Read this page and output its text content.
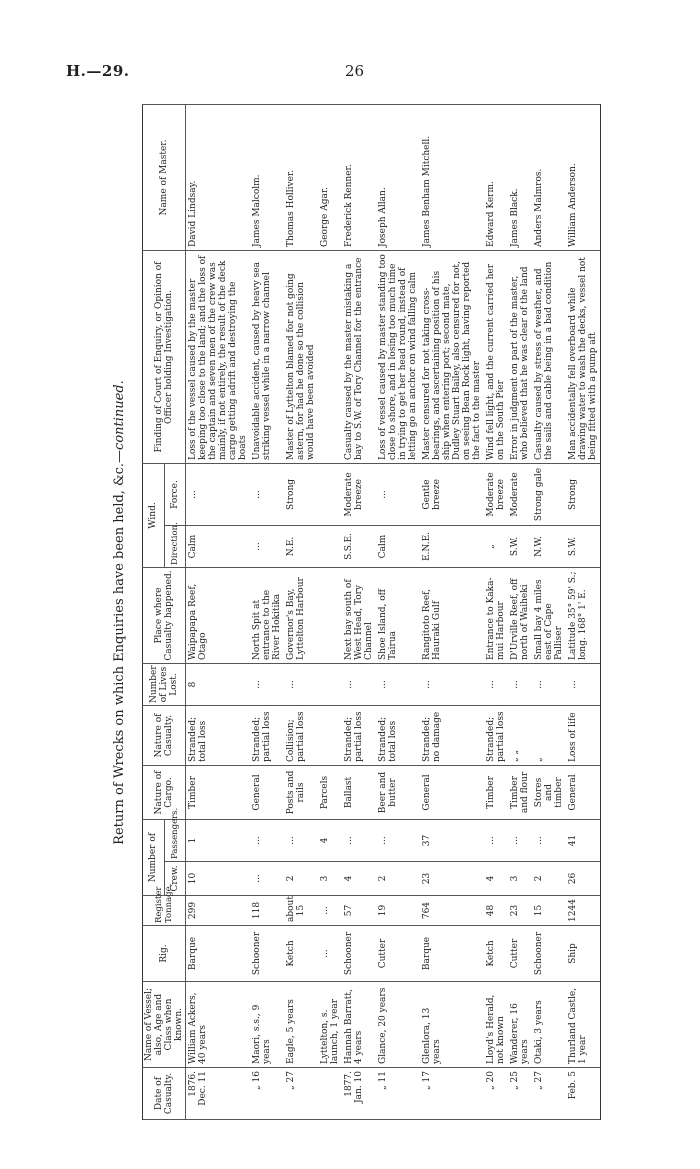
H.—29.	26
Return of Wrecks on which Enquiries have been held, &c.—continued.
Date of Casualty.	Name of Vessel; also, Age and Class when known.	Rig.	Register Tonnage.	Number of		Nature of Cargo.	Nature of Casualty.	Number of Lives Lost.	Place where Casualty happened.	Wind.		Finding of Court of Enquiry, or Opinion of Officer holding Investigation.	Name of Master.
				Crew.	Passengers.					Direction.	Force.		
1876. Dec. 11	William Ackers, 40 years	Barque	299	10	1	Timber	Stranded; total loss	8	Waipapapa Reef, Otago	Calm	...	Loss of the vessel caused by the master keeping too close to the land; and the loss of the captain and seven men of the crew was mainly, if not entirely, the result of the deck cargo getting adrift and destroying the boats	David Lindsay.
„ 16	Maori, s.s., 9 years	Schooner	118	...	...	General	Stranded; partial loss	...	North Spit at entrance to the River Hokitika	...	...	Unavoidable accident, caused by heavy sea striking vessel while in a narrow channel	James Malcolm.
„ 27	Eagle, 5 years	Ketch	about 15	2	...	Posts and rails	Collision; partial loss	...	Governor's Bay, Lyttelton Harbour	N.E.	Strong	Master of Lyttelton blamed for not going astern, for had he done so the collision would have been avoided	Thomas Holliver.
	Lyttelton, s. launch, 1 year	...	...	3	4	Parcels							George Agar.
1877. Jan. 10	Hannah Barratt, 4 years	Schooner	57	4	...	Ballast	Stranded; partial loss	...	Next bay south of West Head, Tory Channel	S.S.E.	Moderate breeze	Casualty caused by the master mistaking a bay to S.W. of Tory Channel for the entrance	Frederick Renner.
„ 11	Glance, 20 years	Cutter	19	2	...	Beer and butter	Stranded; total loss	...	Shoe Island, off Tairua	Calm	...	Loss of vessel caused by master standing too close to shore, and in losing too much time in trying to get her head round, instead of letting go an anchor on wind falling calm	Joseph Allan.
„ 17	Glenlora, 13 years	Barque	764	23	37	General	Stranded; no damage	...	Rangitoto Reef, Hauraki Gulf	E.N.E.	Gentle breeze	Master censured for not taking cross-bearings, and ascertaining position of his ship when entering port; second mate, Dudley Stuart Bailey, also censured for not, on seeing Bean Rock light, having reported the fact to the master	James Benham Mitchell.
„ 20	Lloyd's Herald, not known	Ketch	48	4	...	Timber	Stranded; partial loss	...	Entrance to Kaka-mui Harbour	„	Moderate breeze	Wind fell light, and the current carried her on the South Pier	Edward Kerm.
„ 25	Wanderer, 16 years	Cutter	23	3	...	Timber and flour	„ „	...	D'Urville Reef, off north of Waiheki	S.W.	Moderate	Error in judgment on part of the master, who believed that he was clear of the land	James Black.
„ 27	Otaki, 3 years	Schooner	15	2	...	Stores and timber	„	...	Small bay 4 miles east of Cape Palliser	N.W.	Strong gale	Casualty caused by stress of weather, and the sails and cable being in a bad condition	Anders Malmros.
Feb. 5	Thurland Castle, 1 year	Ship	1244	26	41	General	Loss of life	...	Latitude 35° 59' S.; long. 168° 1' E.	S.W.	Strong	Man accidentally fell overboard while drawing water to wash the decks, vessel not being fitted with a pump aft	William Anderson.
